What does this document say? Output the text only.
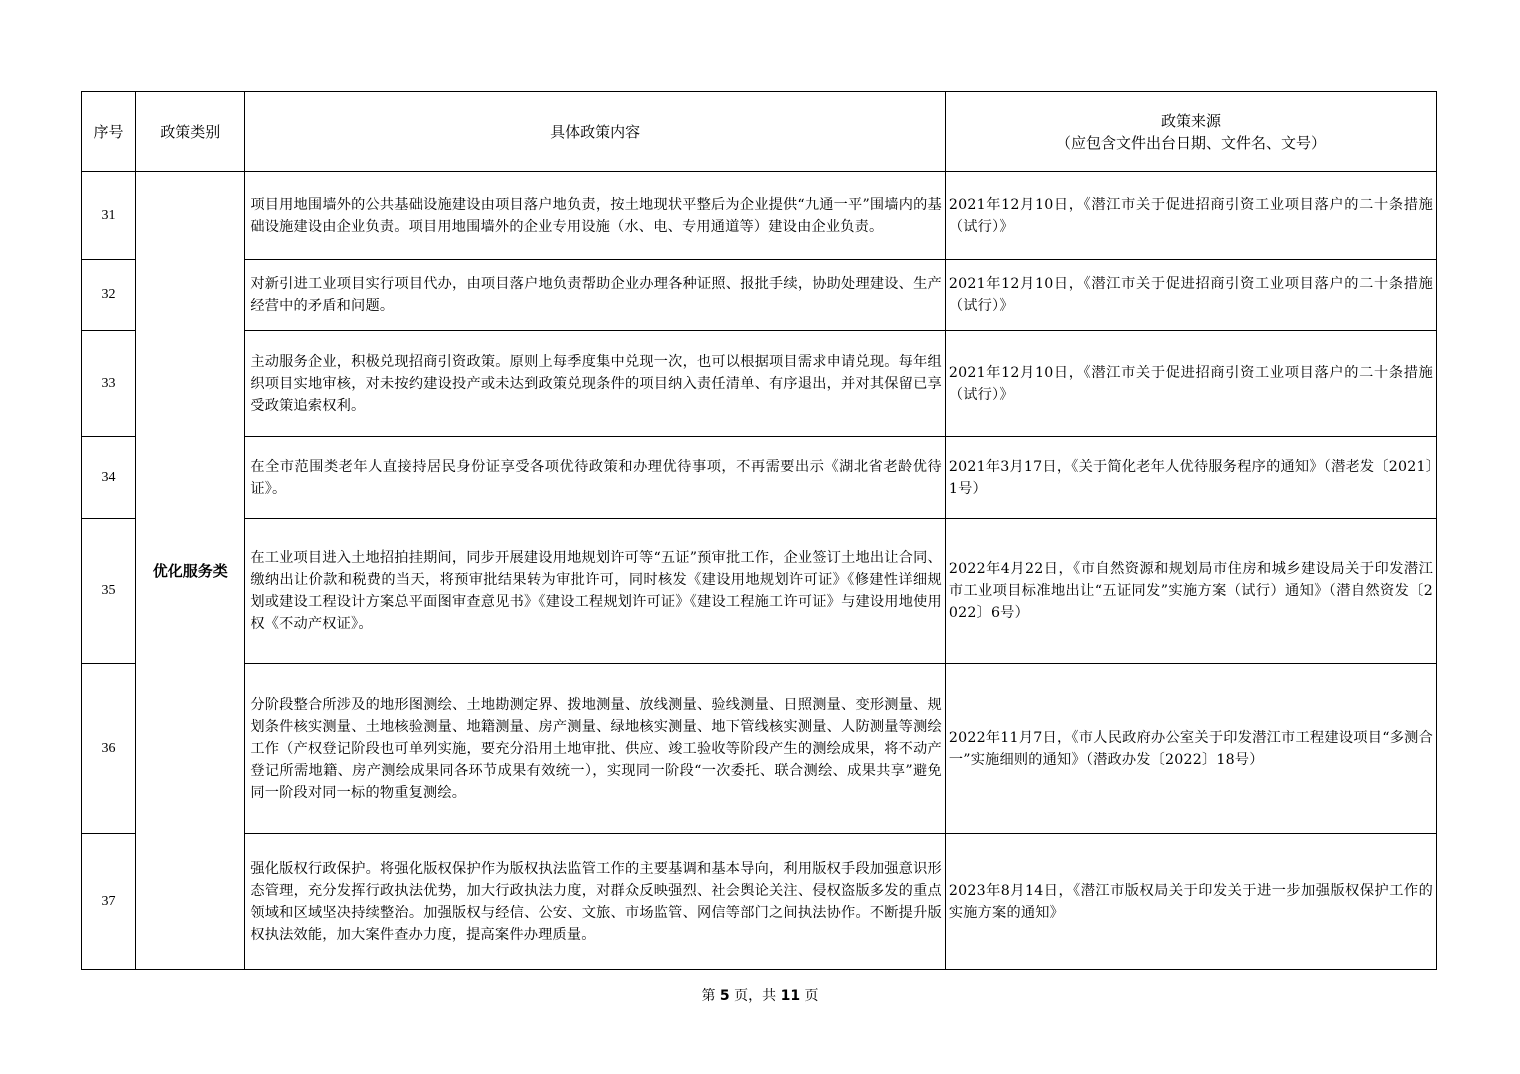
序号	政策类别	具体政策内容	政策来源
（应包含文件出台日期、文件名、文号）

31	优化服务类	项目用地围墙外的公共基础设施建设由项目落户地负责，按土地现状平整后为企业提供“九通一平”围墙内的基础设施建设由企业负责。项目用地围墙外的企业专用设施（水、电、专用通道等）建设由企业负责。	2021年12月10日，《潜江市关于促进招商引资工业项目落户的二十条措施（试行）》
32		对新引进工业项目实行项目代办，由项目落户地负责帮助企业办理各种证照、报批手续，协助处理建设、生产经营中的矛盾和问题。	2021年12月10日，《潜江市关于促进招商引资工业项目落户的二十条措施（试行）》
33		主动服务企业，积极兑现招商引资政策。原则上每季度集中兑现一次，也可以根据项目需求申请兑现。每年组织项目实地审核，对未按约建设投产或未达到政策兑现条件的项目纳入责任清单、有序退出，并对其保留已享受政策追索权利。	2021年12月10日，《潜江市关于促进招商引资工业项目落户的二十条措施（试行）》
34		在全市范围类老年人直接持居民身份证享受各项优待政策和办理优待事项，不再需要出示《湖北省老龄优待证》。	2021年3月17日，《关于简化老年人优待服务程序的通知》（潜老发〔2021〕1号）
35		在工业项目进入土地招拍挂期间，同步开展建设用地规划许可等“五证”预审批工作，企业签订土地出让合同、缴纳出让价款和税费的当天，将预审批结果转为审批许可，同时核发《建设用地规划许可证》《修建性详细规划或建设工程设计方案总平面图审查意见书》《建设工程规划许可证》《建设工程施工许可证》与建设用地使用权《不动产权证》。	2022年4月22日，《市自然资源和规划局市住房和城乡建设局关于印发潜江市工业项目标准地出让“五证同发”实施方案（试行）通知》（潜自然资发〔2022〕6号）
36		分阶段整合所涉及的地形图测绘、土地勘测定界、拨地测量、放线测量、验线测量、日照测量、变形测量、规划条件核实测量、土地核验测量、地籍测量、房产测量、绿地核实测量、地下管线核实测量、人防测量等测绘工作（产权登记阶段也可单列实施，要充分沿用土地审批、供应、竣工验收等阶段产生的测绘成果，将不动产登记所需地籍、房产测绘成果同各环节成果有效统一），实现同一阶段“一次委托、联合测绘、成果共享”避免同一阶段对同一标的物重复测绘。	2022年11月7日，《市人民政府办公室关于印发潜江市工程建设项目“多测合一”实施细则的通知》（潜政办发〔2022〕18号）
37		强化版权行政保护。将强化版权保护作为版权执法监管工作的主要基调和基本导向，利用版权手段加强意识形态管理，充分发挥行政执法优势，加大行政执法力度，对群众反映强烈、社会舆论关注、侵权盗版多发的重点领域和区域坚决持续整治。加强版权与经信、公安、文旅、市场监管、网信等部门之间执法协作。不断提升版权执法效能，加大案件查办力度，提高案件办理质量。	2023年8月14日，《潜江市版权局关于印发关于进一步加强版权保护工作的实施方案的通知》
第 5 页，共 11 页
